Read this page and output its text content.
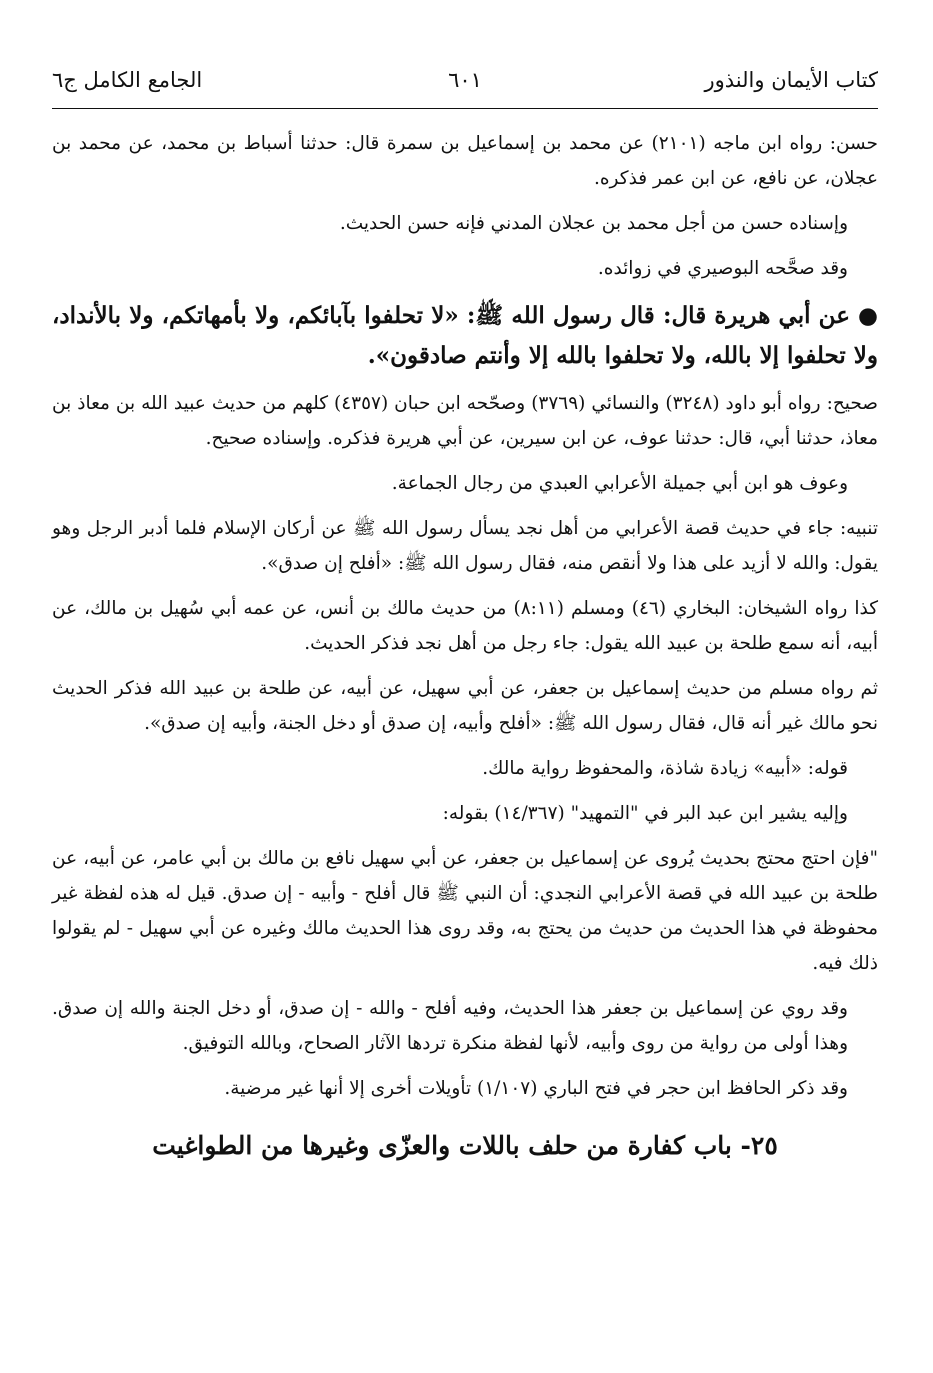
كتاب الأيمان والنذور
٦٠١
الجامع الكامل ج٦

حسن: رواه ابن ماجه (٢١٠١) عن محمد بن إسماعيل بن سمرة قال: حدثنا أسباط بن محمد، عن محمد بن عجلان، عن نافع، عن ابن عمر فذكره.

وإسناده حسن من أجل محمد بن عجلان المدني فإنه حسن الحديث.

وقد صحَّحه البوصيري في زوائده.

●عن أبي هريرة قال: قال رسول الله ﷺ: «لا تحلفوا بآبائكم، ولا بأمهاتكم، ولا بالأنداد، ولا تحلفوا إلا بالله، ولا تحلفوا بالله إلا وأنتم صادقون».

صحيح: رواه أبو داود (٣٢٤٨) والنسائي (٣٧٦٩) وصحّحه ابن حبان (٤٣٥٧) كلهم من حديث عبيد الله بن معاذ بن معاذ، حدثنا أبي، قال: حدثنا عوف، عن ابن سيرين، عن أبي هريرة فذكره. وإسناده صحيح.

وعوف هو ابن أبي جميلة الأعرابي العبدي من رجال الجماعة.

تنبيه: جاء في حديث قصة الأعرابي من أهل نجد يسأل رسول الله ﷺ عن أركان الإسلام فلما أدبر الرجل وهو يقول: والله لا أزيد على هذا ولا أنقص منه، فقال رسول الله ﷺ: «أفلح إن صدق».

كذا رواه الشيخان: البخاري (٤٦) ومسلم (٨:١١) من حديث مالك بن أنس، عن عمه أبي سُهيل بن مالك، عن أبيه، أنه سمع طلحة بن عبيد الله يقول: جاء رجل من أهل نجد فذكر الحديث.

ثم رواه مسلم من حديث إسماعيل بن جعفر، عن أبي سهيل، عن أبيه، عن طلحة بن عبيد الله فذكر الحديث نحو مالك غير أنه قال، فقال رسول الله ﷺ: «أفلح وأبيه، إن صدق أو دخل الجنة، وأبيه إن صدق».

قوله: «أبيه» زيادة شاذة، والمحفوظ رواية مالك.

وإليه يشير ابن عبد البر في "التمهيد" (١٤/٣٦٧) بقوله:

"فإن احتج محتج بحديث يُروى عن إسماعيل بن جعفر، عن أبي سهيل نافع بن مالك بن أبي عامر، عن أبيه، عن طلحة بن عبيد الله في قصة الأعرابي النجدي: أن النبي ﷺ قال أفلح - وأبيه - إن صدق. قيل له هذه لفظة غير محفوظة في هذا الحديث من حديث من يحتج به، وقد روى هذا الحديث مالك وغيره عن أبي سهيل - لم يقولوا ذلك فيه.

وقد روي عن إسماعيل بن جعفر هذا الحديث، وفيه أفلح - والله - إن صدق، أو دخل الجنة والله إن صدق. وهذا أولى من رواية من روى وأبيه، لأنها لفظة منكرة تردها الآثار الصحاح، وبالله التوفيق.

وقد ذكر الحافظ ابن حجر في فتح الباري (١/١٠٧) تأويلات أخرى إلا أنها غير مرضية.

٢٥- باب كفارة من حلف باللات والعزّى وغيرها من الطواغيت
